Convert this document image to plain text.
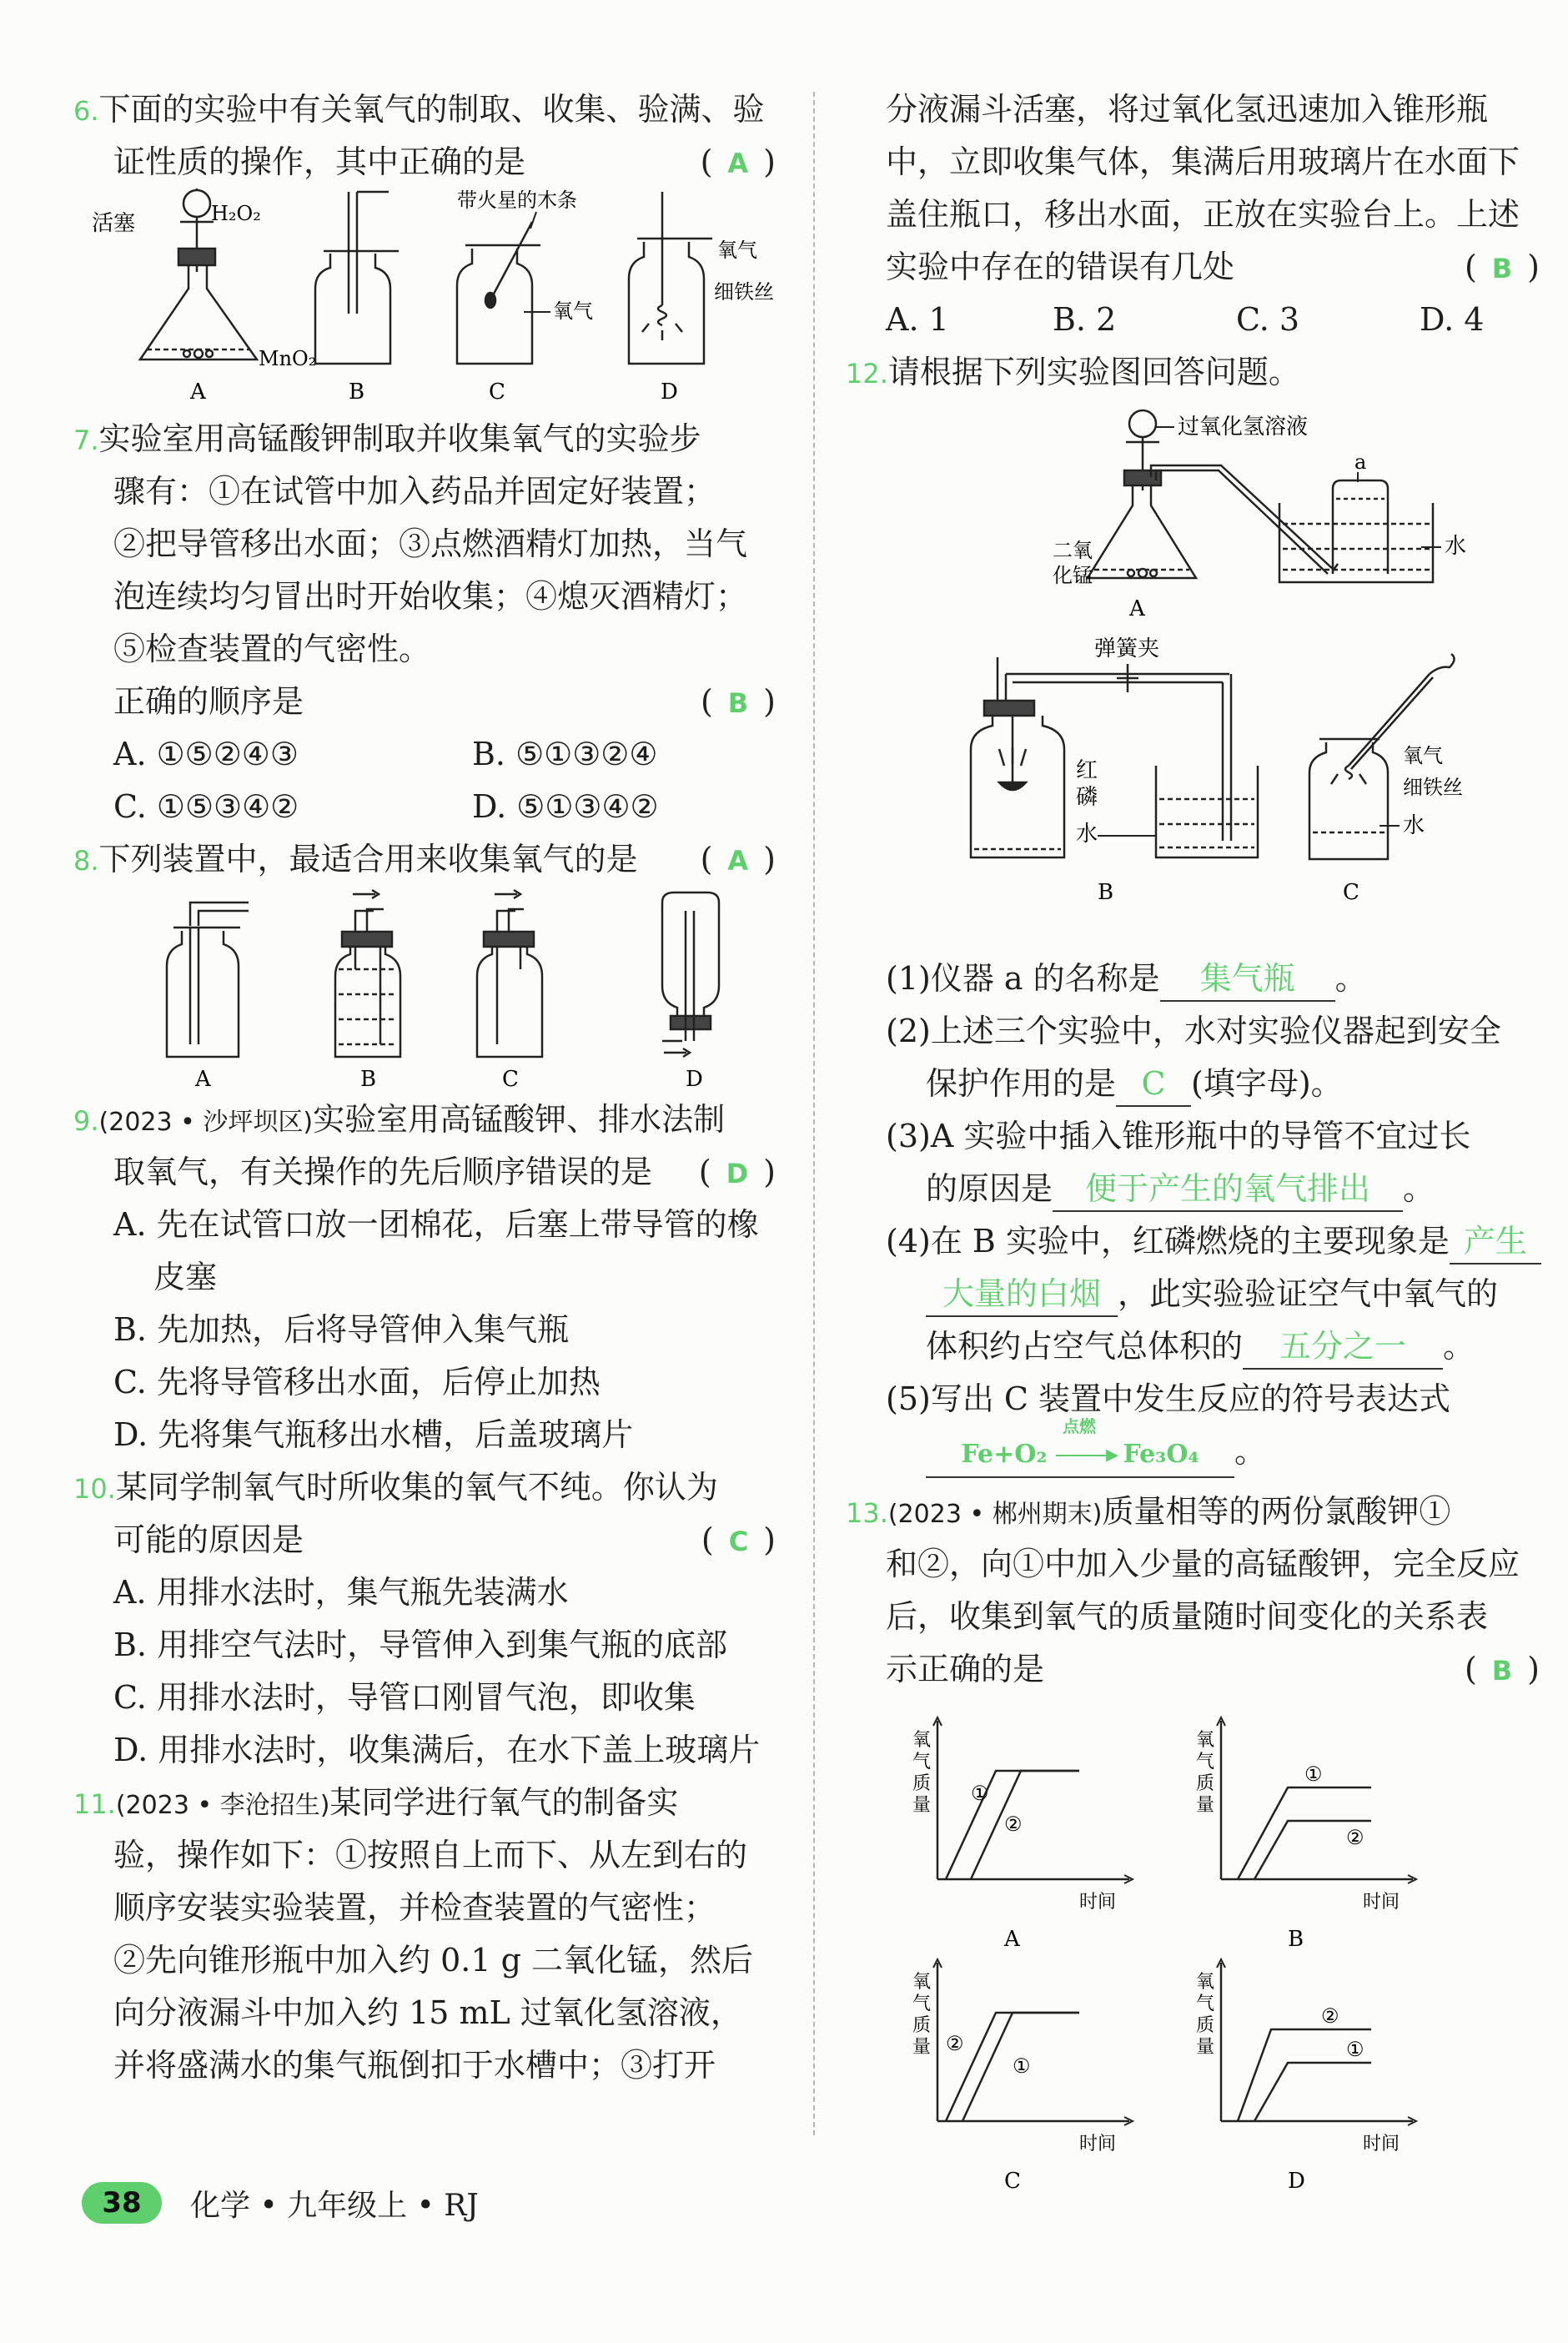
6.下面的实验中有关氧气的制取、收集、验满、验
证性质的操作，其中正确的是	( A )
H₂O₂
活塞
MnO₂
A	B
带火星的木条
氧气
C
氧气
细铁丝
D
7.实验室用高锰酸钾制取并收集氧气的实验步
骤有：①在试管中加入药品并固定好装置；
②把导管移出水面；③点燃酒精灯加热，当气
泡连续均匀冒出时开始收集；④熄灭酒精灯；
⑤检查装置的气密性。
正确的顺序是	( B )
A. ①⑤②④③	B. ⑤①③②④
C. ①⑤③④②	D. ⑤①③④②
8.下列装置中，最适合用来收集氧气的是 ( A )
A	B	C	D
9.(2023 • 沙坪坝区)实验室用高锰酸钾、排水法制
取氧气，有关操作的先后顺序错误的是 ( D )
A. 先在试管口放一团棉花，后塞上带导管的橡
皮塞
B. 先加热，后将导管伸入集气瓶
C. 先将导管移出水面，后停止加热
D. 先将集气瓶移出水槽，后盖玻璃片
10.某同学制氧气时所收集的氧气不纯。你认为
可能的原因是	( C )
A. 用排水法时，集气瓶先装满水
B. 用排空气法时，导管伸入到集气瓶的底部
C. 用排水法时，导管口刚冒气泡，即收集
D. 用排水法时，收集满后，在水下盖上玻璃片
11.(2023 • 李沧招生)某同学进行氧气的制备实
验，操作如下：①按照自上而下、从左到右的
顺序安装实验装置，并检查装置的气密性；
②先向锥形瓶中加入约 0.1 g 二氧化锰，然后
向分液漏斗中加入约 15 mL 过氧化氢溶液，
并将盛满水的集气瓶倒扣于水槽中；③打开
分液漏斗活塞，将过氧化氢迅速加入锥形瓶
中，立即收集气体，集满后用玻璃片在水面下
盖住瓶口，移出水面，正放在实验台上。上述
实验中存在的错误有几处	( B )
A. 1	B. 2	C. 3	D. 4
12.请根据下列实验图回答问题。
过氧化氢溶液
a
二氧
化锰
水
A
弹簧夹
红
磷
水
B
氧气
细铁丝
水
C
(1)仪器 a 的名称是 集气瓶 。
(2)上述三个实验中，水对实验仪器起到安全
保护作用的是 C (填字母)。
(3)A 实验中插入锥形瓶中的导管不宜过长
的原因是 便于产生的氧气排出 。
(4)在 B 实验中，红磷燃烧的主要现象是 产生
大量的白烟 ，此实验验证空气中氧气的
体积约占空气总体积的 五分之一 。
(5)写出 C 装置中发生反应的符号表达式
Fe+O₂
点燃
▸ Fe₃O₄ 。
13.(2023 • 郴州期末)质量相等的两份氯酸钾①
和②，向①中加入少量的高锰酸钾，完全反应
后，收集到氧气的质量随时间变化的关系表
示正确的是	( B )
氧
气
质
量
时间
①
②
A
氧
气
质
量
时间
①
②
B
氧
气
质
量
时间
②
①
C
氧
气
质
量
时间
②
①
D
38	化学 • 九年级上 • RJ
